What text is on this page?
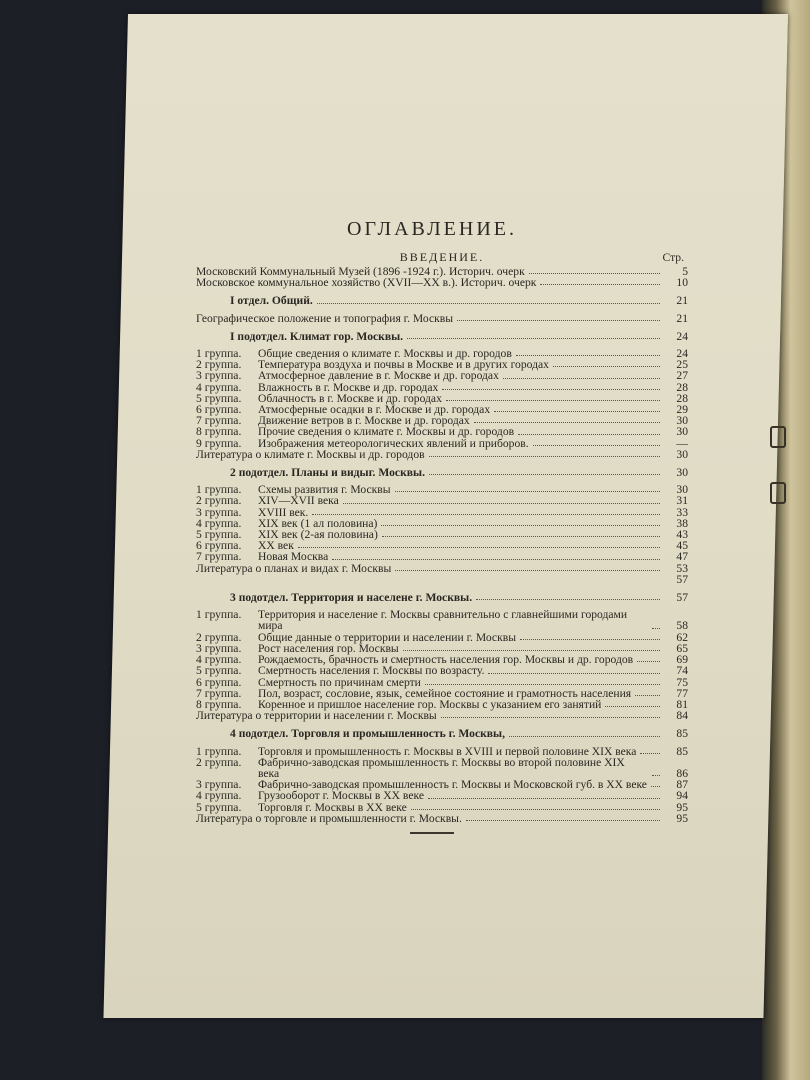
ОГЛАВЛЕНИЕ.
ВВЕДЕНИЕ.	Стр.
Московский Коммунальный Музей (1896 -1924 г.). Историч. очерк	5
Московское коммунальное хозяйство (XVII—XX в.). Историч. очерк	10
I отдел. Общий.	21
Географическое положение и топография г. Москвы	21
I подотдел. Климат гор. Москвы.	24
1 группа.	Общие сведения о климате г. Москвы и др. городов	24
2 группа.	Температура воздуха и почвы в Москве и в других городах	25
3 группа.	Атмосферное давление в г. Москве и др. городах	27
4 группа.	Влажность в г. Москве и др. городах	28
5 группа.	Облачность в г. Москве и др. городах	28
6 группа.	Атмосферные осадки в г. Москве и др. городах	29
7 группа.	Движение ветров в г. Москве и др. городах	30
8 группа.	Прочие сведения о климате г. Москвы и др. городов	30
9 группа.	Изображения метеорологических явлений и приборов.	—
Литература о климате г. Москвы и др. городов	30
2 подотдел. Планы и видыг. Москвы.	30
1 группа.	Схемы развития г. Москвы	30
2 группа.	XIV—XVII века	31
3 группа.	XVIII век.	33
4 группа.	XIX век (1 ал половина)	38
5 группа.	XIX век (2-ая половина)	43
6 группа.	XX век	45
7 группа.	Новая Москва	47
Литература о планах и видах г. Москвы	53
57
3 подотдел. Территория и населене г. Москвы.	57
1 группа.	Территория и население г. Москвы сравнительно с главнейшими городами мира	58
2 группа.	Общие данные о территории и населении г. Москвы	62
3 группа.	Рост населения гор. Москвы	65
4 группа.	Рождаемость, брачность и смертность населения гор. Москвы и др. городов	69
5 группа.	Смертность населения г. Москвы по возрасту.	74
6 группа.	Смертность по причинам смерти	75
7 группа.	Пол, возраст, сословие, язык, семейное состояние и грамотность населения	77
8 группа.	Коренное и пришлое население гор. Москвы с указанием его занятий	81
Литература о территории и населении г. Москвы	84
4 подотдел. Торговля и промышленность г. Москвы,	85
1 группа.	Торговля и промышленность г. Москвы в XVIII и первой половине XIX века	85
2 группа.	Фабрично-заводская промышленность г. Москвы во второй половине XIX века	86
3 группа.	Фабрично-заводская промышленность г. Москвы и Московской губ. в XX веке	87
4 группа.	Грузооборот г. Москвы в XX веке	94
5 группа.	Торговля г. Москвы в XX веке	95
Литература о торговле и промышленности г. Москвы.	95
